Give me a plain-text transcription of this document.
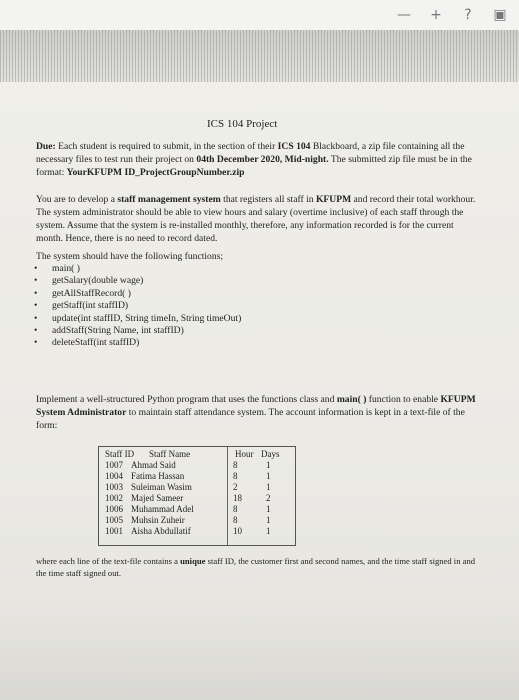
— +	?	▣
ICS 104 Project
Due: Each student is required to submit, in the section of their ICS 104 Blackboard, a zip file containing all the necessary files to test run their project on 04th December 2020, Mid-night. The submitted zip file must be in the format: YourKFUPM ID_ProjectGroupNumber.zip
You are to develop a staff management system that registers all staff in KFUPM and record their total workhour. The system administrator should be able to view hours and salary (overtime inclusive) of each staff through the system. Assume that the system is re-installed monthly, therefore, any information recorded is for the current month. Hence, there is no need to record dated.
The system should have the following functions;
• main( )
• getSalary(double wage)
• getAllStaffRecord( )
• getStaff(int staffID)
• update(int staffID, String timeIn, String timeOut)
• addStaff(String Name, int staffID)
• deleteStaff(int staffID)
Implement a well-structured Python program that uses the functions class and main( ) function to enable KFUPM System Administrator to maintain staff attendance system. The account information is kept in a text-file of the form:
Staff ID Staff Name	Hour Days
1007 Ahmad Said	8	1
1004 Fatima Hassan	8	1
1003 Suleiman Wasim	2	1
1002 Majed Sameer	18	2
1006 Muhammad Adel	8	1
1005 Muhsin Zuheir	8	1
1001 Aisha Abdullatif	10	1
where each line of the text-file contains a unique staff ID, the customer first and second names, and the time staff signed in and the time staff signed out.
